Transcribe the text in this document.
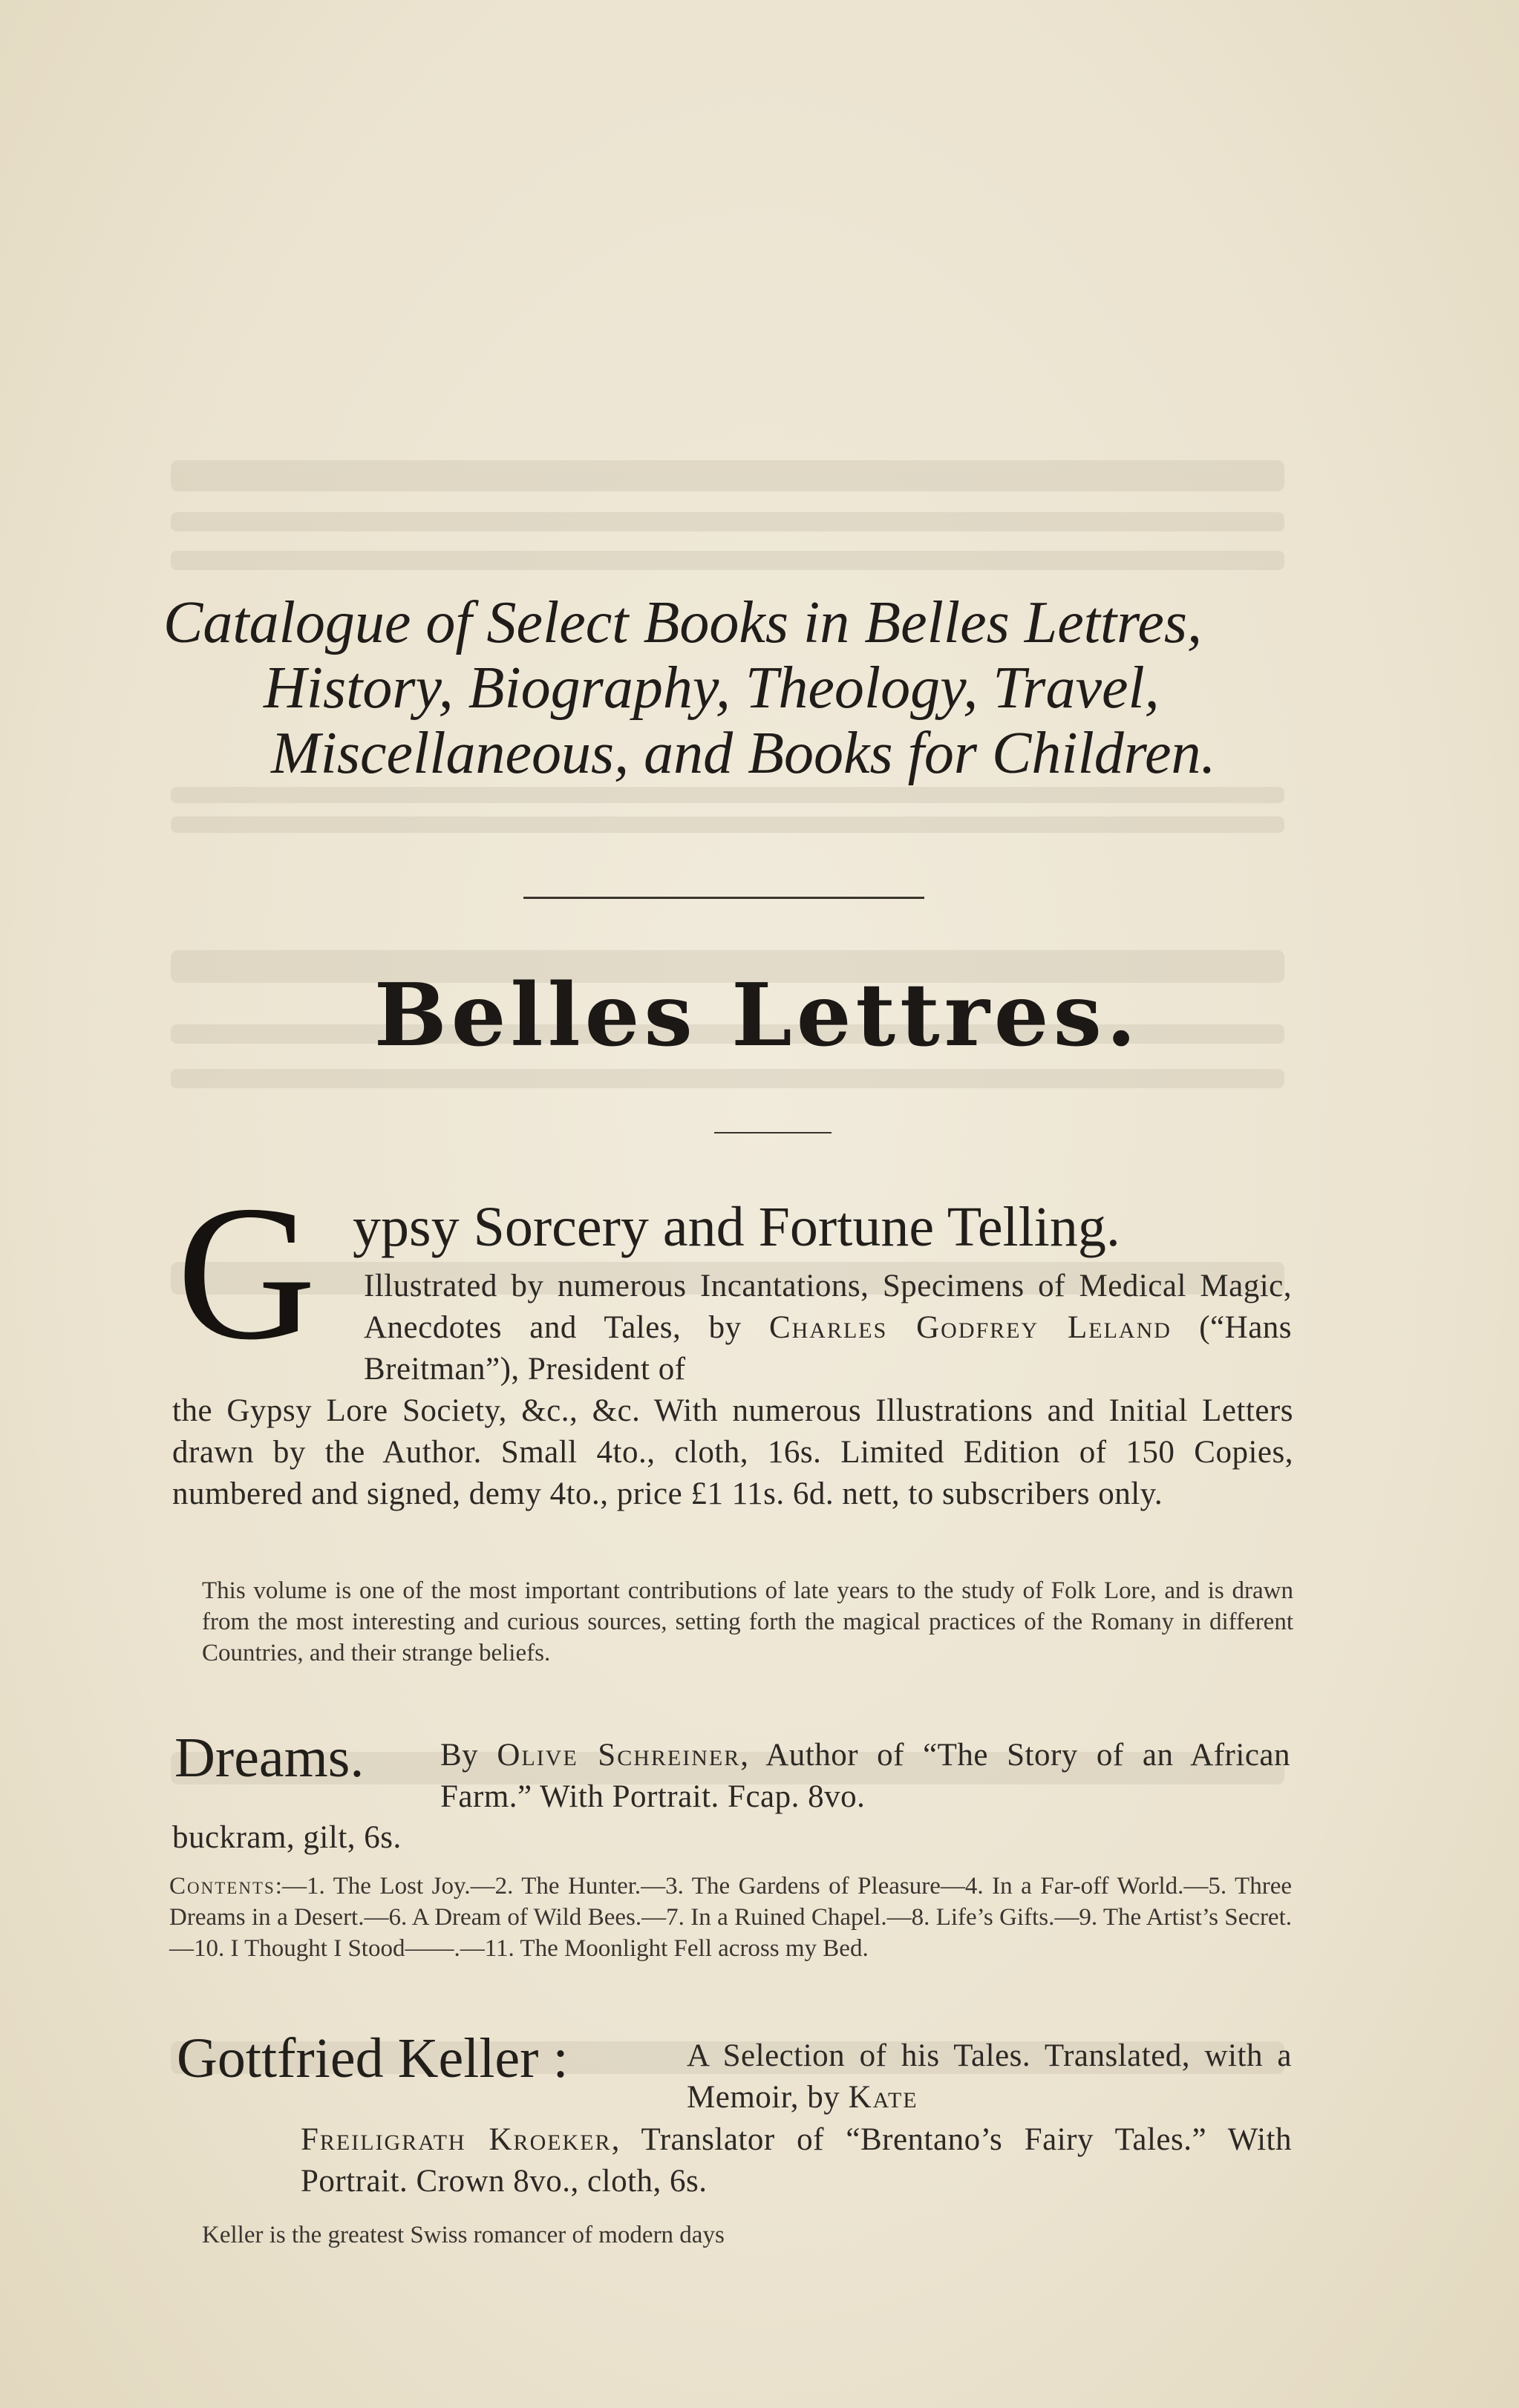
Catalogue of Select Books in Belles Lettres,
History, Biography, Theology, Travel,
Miscellaneous, and Books for Children.
Belles Lettres.
G ypsy Sorcery and Fortune Telling.
Illustrated by numerous Incantations, Specimens of Medical Magic, Anecdotes and Tales, by Charles Godfrey Leland (“Hans Breitman”), President of
the Gypsy Lore Society, &c., &c. With numerous Illustrations and Initial Letters drawn by the Author. Small 4to., cloth, 16s. Limited Edition of 150 Copies, numbered and signed, demy 4to., price £1 11s. 6d. nett, to subscribers only.
This volume is one of the most important contributions of late years to the study of Folk Lore, and is drawn from the most interesting and curious sources, setting forth the magical practices of the Romany in different Countries, and their strange beliefs.
Dreams. By Olive Schreiner, Author of “The Story of an African Farm.” With Portrait. Fcap. 8vo.
buckram, gilt, 6s.
Contents:—1. The Lost Joy.—2. The Hunter.—3. The Gardens of Pleasure—4. In a Far-off World.—5. Three Dreams in a Desert.—6. A Dream of Wild Bees.—7. In a Ruined Chapel.—8. Life’s Gifts.—9. The Artist’s Secret.—10. I Thought I Stood——.—11. The Moonlight Fell across my Bed.
Gottfried Keller :	A Selection of his Tales. Translated, with a Memoir, by Kate
Freiligrath Kroeker, Translator of “Brentano’s Fairy Tales.” With Portrait. Crown 8vo., cloth, 6s.
Keller is the greatest Swiss romancer of modern days
